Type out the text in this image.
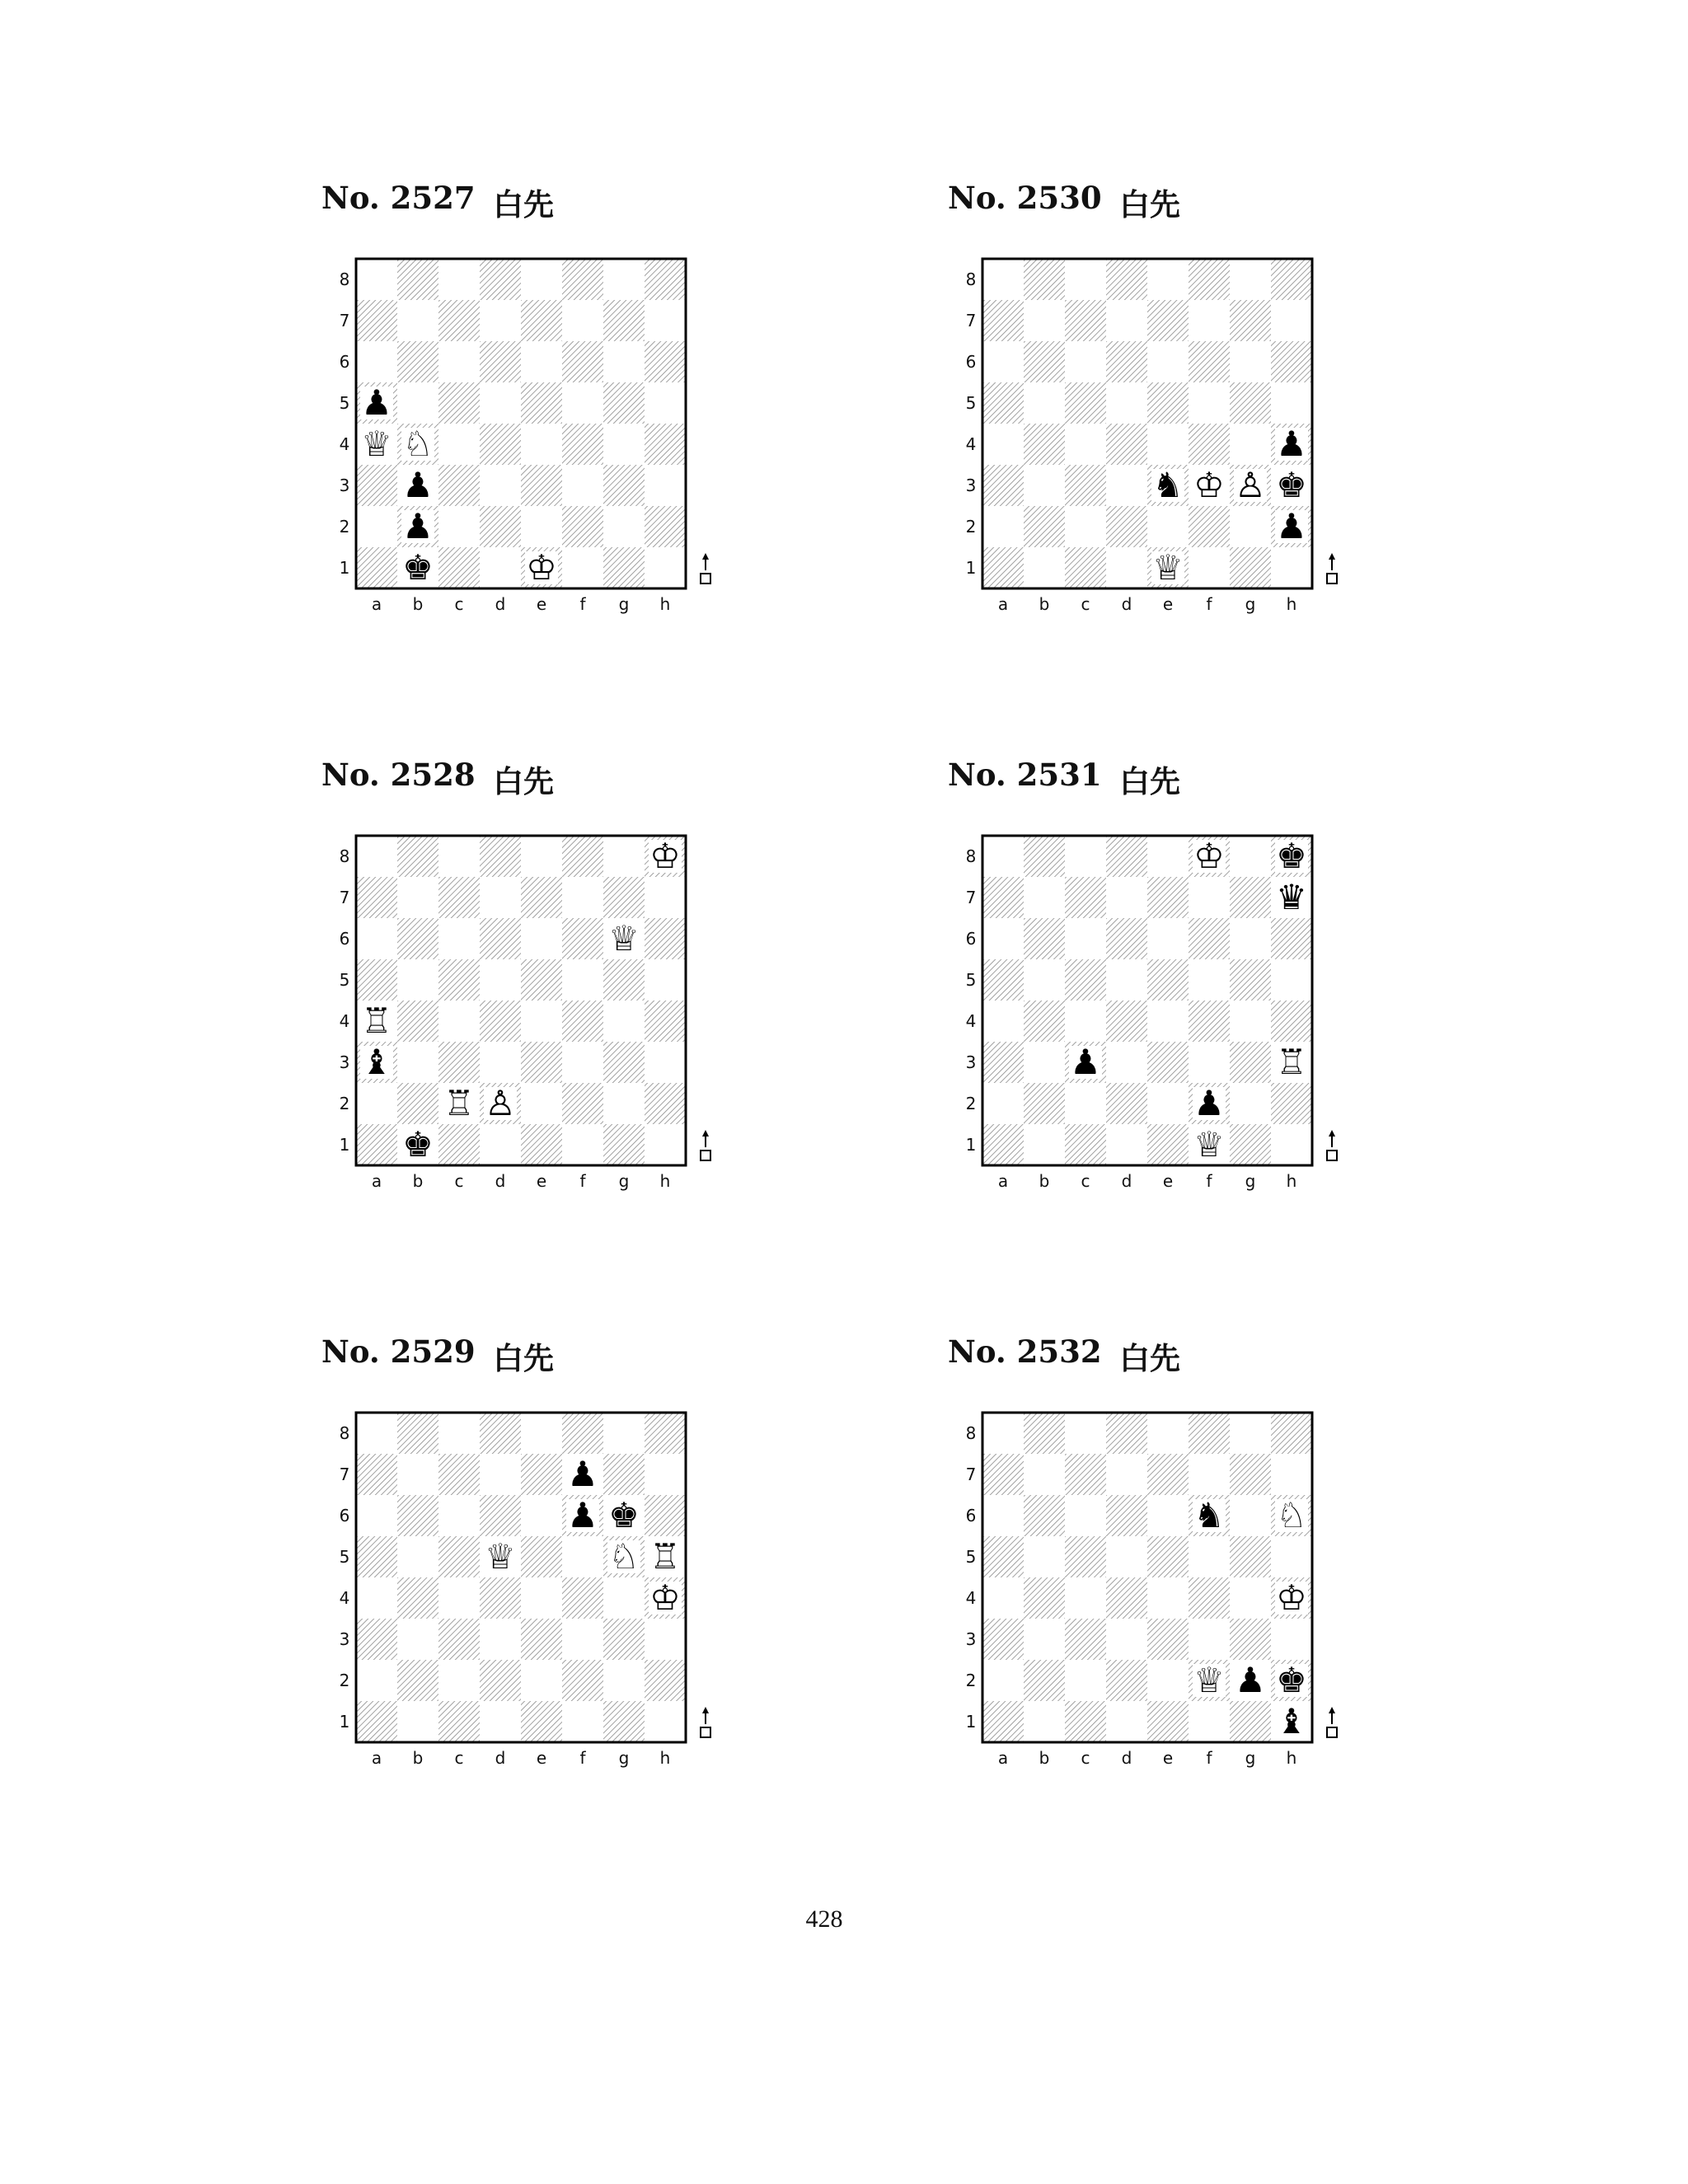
No. 2527 白先
8
7
6
5
4
3
2
1
a b c d e f g h
♟
♕ ♘
♟
♟
♚	♔
No. 2530 白先
8
7
6
5
4
3
2
1
a b c d e f g h
♟
♞ ♔ ♙ ♚
♟
♕
No. 2528 白先
8
7
6
5
4
3
2
1
a b c d e f g h
♔
♕
♖
♝
♖ ♙
♚
No. 2531 白先
8
7
6
5
4
3
2
1
a b c d e f g h
♔ ♚
♛
♟	♖
♟
♕
No. 2529 白先
8
7
6
5
4
3
2
1
a b c d e f g h
♟
♟ ♚
♕	♘ ♖
♔
No. 2532 白先
8
7
6
5
4
3
2
1
a b c d e f g h
♞ ♘
♔
♕ ♟ ♚
♝
428
